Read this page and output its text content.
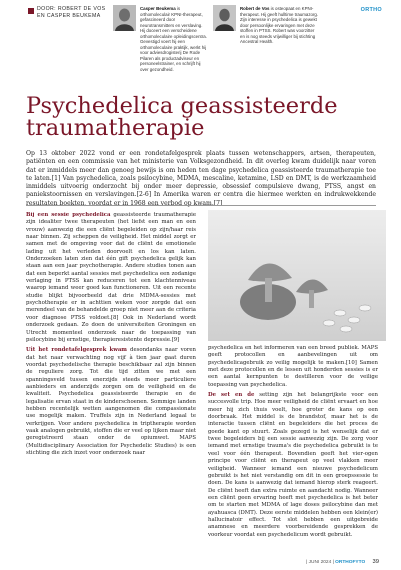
DOOR: ROBERT DE VOS EN CASPER BEUKEMA
Casper Beukema is orthomoleculair KPNI-therapeut, gefascineerd door neurotransmitters en verslaving. Hij doceert een verscheidene orthomoleculaire opleidingscentra. Gevestigd voert hij een orthomoleculaire praktijk, werkt hij voor adviesdrogisterij De Rode Pilaren als productadviseur en personeelstrainer, en schrijft hij over gezondheid.
Robert de Vos is osteopaat en KPNI-therapeut. Hij geeft hulltime traumazorg. Zijn interesse in psychedelica is gewekt door persoonlijke ervaringen met deze stoffen in PTSS. Robert was voorzitter en is nog steeds vrijwilliger bij stichting Ancestral Health.
ORTHO
Psychedelica geassisteerde traumatherapie

Op 13 oktober 2022 vond er een rondetafelgesprek plaats tussen wetenschappers, artsen, therapeuten, patiënten en een commissie van het ministerie van Volksgezondheid. In dit overleg kwam duidelijk naar voren dat er inmiddels meer dan genoeg bewijs is om heden ten dage psychedelica geassisteerde traumatherapie toe te laten.[1] Van psychedelica, zoals psilocybine, MDMA, mescaline, ketamine, LSD en DMT, is de werkzaamheid inmiddels uitvoerig onderzocht bij onder meer depressie, obsessief compulsieve dwang, PTSS, angst en paniekstoornissen en verslavingen.[2-6] In Amerika waren er centra die hiermee werkten en indrukwekkende resultaten boekten, voordat er in 1968 een verbod op kwam.[7]

Bij een sessie psychedelica geassisteerde traumatherapie zijn idealiter twee therapeuten (het liefst een man en een vrouw) aanwezig die een cliënt begeleiden op zijn/haar reis naar binnen. Zij scheppen de veiligheid. Het middel zorgt er samen met de omgeving voor dat de cliënt de emotionele lading uit het verleden doorvoelt en los kan laten. Onderzoeken laten zien dat één gift psychedelica gelijk kan staan aan een jaar psychotherapie. Andere studies tonen aan dat een beperkt aantal sessies met psychedelica een zodanige verlaging in PTSS kan reduceren tot een klachtenniveau waarop iemand weer goed kan functioneren. Uit een recente studie blijkt bijvoorbeeld dat drie MDMA-sessies met psychotherapie er in achttien weken voor zorgde dat een merendeel van de behandelde groep niet meer aan de criteria voor diagnose PTSS voldoet.[8] Ook in Nederland wordt onderzoek gedaan. Zo doen de universiteiten Groningen en Utrecht momenteel onderzoek naar de toepassing van psilocybine bij ernstige, therapieresistente depressie.[9]

Uit het rondetafelgesprek kwam desondanks naar voren dat het naar verwachting nog vijf à tien jaar gaat duren voordat psychedelische therapie beschikbaar zal zijn binnen de reguliere zorg. Tot die tijd zitten we met een spanningsveld tussen enerzijds steeds meer particuliere aanbieders en anderzijds zorgen om de veiligheid en de kwaliteit. Psychedelica geassisteerde therapie en de legalisatie ervan staat in de kinderschoenen. Sommige landen hebben recentelijk wetten aangenomen die compassionate use mogelijk maken. Truffels zijn in Nederland legaal te verkrijgen. Voor andere psychedelica in triptherapie worden vaak analogen gebruikt, stoffen die er veel op lijken maar niet geregistreerd staan onder de opiumwet. MAPS (Multidisciplinary Association for Psychedelic Studies) is een stichting die zich inzet voor onderzoek naar

psychedelica en het informeren van een breed publiek. MAPS geeft protocollen en aanbevelingen uit om psychedelicagebruik zo veilig mogelijk te maken.[10] Samen met deze protocollen en de lessen uit honderden sessies is er een aantal kernpunten te destilleren voor de veilige toepassing van psychedelica.

De set en de setting zijn het belangrijkste voor een succesvolle trip. Hoe meer veiligheid de cliënt ervaart en hoe meer hij zich thuis voelt, hoe groter de kans op een doorbraak. Het middel is de brandstof, maar het is de interactie tussen cliënt en begeleiders die het proces de goede kant op stuurt. Zoals gezegd is het wenselijk dat er twee begeleiders bij een sessie aanwezig zijn. De zorg voor iemand met ernstige trauma's die psychedelica gebruikt is te veel voor één therapeut. Bovendien geeft het vier-ogen principe voor cliënt en therapeut op veel vlakken meer veiligheid. Wanneer iemand een nieuwe psychedelicum gebruikt is het niet verstandig om dit in een groepssessie te doen. De kans is aanwezig dat iemand hierop sterk reageert. De cliënt heeft dan extra ruimte en aandacht nodig. Wanneer een cliënt geen ervaring heeft met psychedelica is het beter om te starten met MDMA of lage doses psilocybine dan met ayahuasca (DMT). Deze eerste middelen hebben een klein(er) hallucinatoir effect. Tot slot hebben een uitgebreide anamnese en meerdere voorbereidende gesprekken de voorkeur voordat een psychedelicum wordt gebruikt.

| JUNI 2024 | ORTHOFYTO 39
